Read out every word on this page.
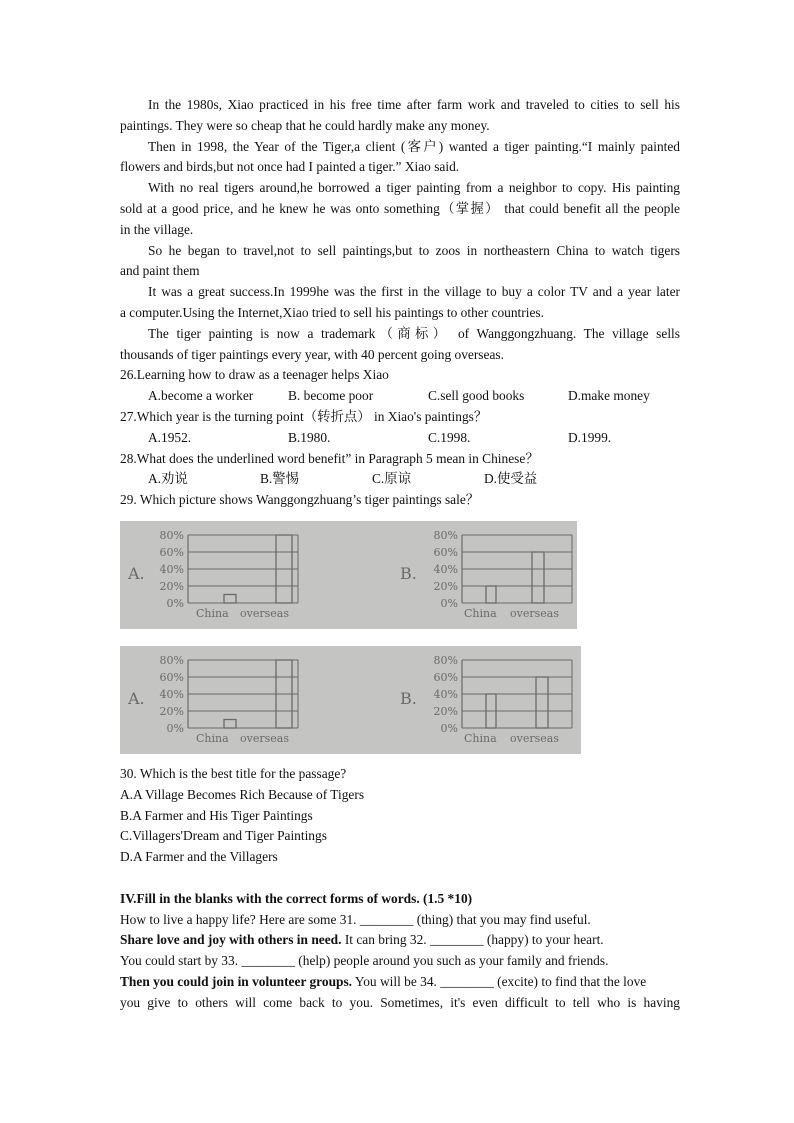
In the 1980s, Xiao practiced in his free time after farm work and traveled to cities to sell his
paintings. They were so cheap that he could hardly make any money.
Then in 1998, the Year of the Tiger,a client (客户) wanted a tiger painting.“I mainly painted
flowers and birds,but not once had I painted a tiger.” Xiao said.
With no real tigers around,he borrowed a tiger painting from a neighbor to copy. His painting
sold at a good price, and he knew he was onto something（掌握） that could benefit all the people
in the village.
So he began to travel,not to sell paintings,but to zoos in northeastern China to watch tigers
and paint them
It was a great success.In 1999he was the first in the village to buy a color TV and a year later
a computer.Using the Internet,Xiao tried to sell his paintings to other countries.
The tiger painting is now a trademark（商标） of Wanggongzhuang. The village sells
thousands of tiger paintings every year, with 40 percent going overseas.
26.Learning how to draw as a teenager helps Xiao
A.become a worker	B. become poor	C.sell good books	D.make money
27.Which year is the turning point（转折点） in Xiao's paintings？
A.1952.	B.1980.	C.1998.	D.1999.
28.What does the underlined word benefit” in Paragraph 5 mean in Chinese？
A.劝说	B.警惕	C.原谅	D.使受益
29. Which picture shows Wanggongzhuang’s tiger paintings sale？
A.
80%
60%
40%
20%
0%
China overseas
B.
80%
60%
40%
20%
0%
China overseas
A.
80%
60%
40%
20%
0%
China overseas
B.
80%
60%
40%
20%
0%
China overseas
30. Which is the best title for the passage?
A.A Village Becomes Rich Because of Tigers
B.A Farmer and His Tiger Paintings
C.Villagers'Dream and Tiger Paintings
D.A Farmer and the Villagers
IV.Fill in the blanks with the correct forms of words. (1.5 *10)
How to live a happy life? Here are some 31. ________ (thing) that you may find useful.
Share love and joy with others in need. It can bring 32. ________ (happy) to your heart.
You could start by 33. ________ (help) people around you such as your family and friends.
Then you could join in volunteer groups. You will be 34. ________ (excite) to find that the love
you give to others will come back to you. Sometimes, it's even difficult to tell who is having
